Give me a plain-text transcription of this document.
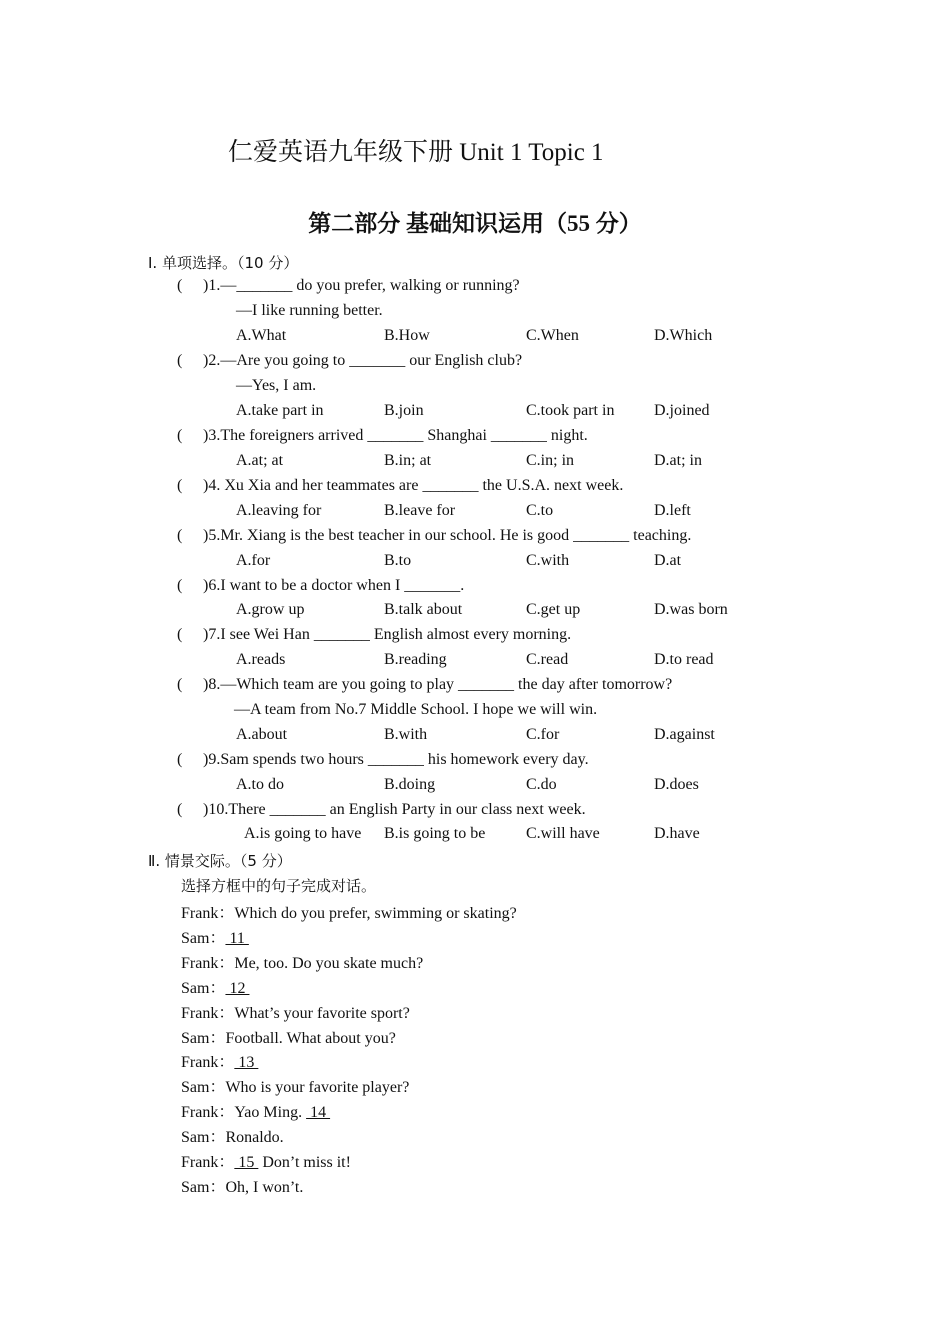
仁爱英语九年级下册 Unit 1 Topic 1
第二部分 基础知识运用（55 分）
Ⅰ. 单项选择。（10 分）
( )1.—_______ do you prefer, walking or running?
—I like running better.
A.What	B.How	C.When	D.Which
( )2.—Are you going to _______ our English club?
—Yes, I am.
A.take part in	B.join	C.took part in D.joined
( )3.The foreigners arrived _______ Shanghai _______ night.
A.at; at	B.in; at	C.in; in	D.at; in
( )4. Xu Xia and her teammates are _______ the U.S.A. next week.
A.leaving for	B.leave for	C.to	D.left
( )5.Mr. Xiang is the best teacher in our school. He is good _______ teaching.
A.for	B.to	C.with	D.at
( )6.I want to be a doctor when I _______.
A.grow up	B.talk about	C.get up	D.was born
( )7.I see Wei Han _______ English almost every morning.
A.reads	B.reading	C.read	D.to read
( )8.—Which team are you going to play _______ the day after tomorrow?
—A team from No.7 Middle School. I hope we will win.
A.about	B.with	C.for	D.against
( )9.Sam spends two hours _______ his homework every day.
A.to do	B.doing	C.do	D.does
( )10.There _______ an English Party in our class next week.
A.is going to have B.is going to be	C.will have	D.have
Ⅱ. 情景交际。（5 分）
选择方框中的句子完成对话。
Frank：Which do you prefer, swimming or skating?
Sam： 11
Frank：Me, too. Do you skate much?
Sam： 12
Frank：What’s your favorite sport?
Sam：Football. What about you?
Frank： 13
Sam：Who is your favorite player?
Frank：Yao Ming.  14
Sam：Ronaldo.
Frank： 15  Don’t miss it!
Sam：Oh, I won’t.
